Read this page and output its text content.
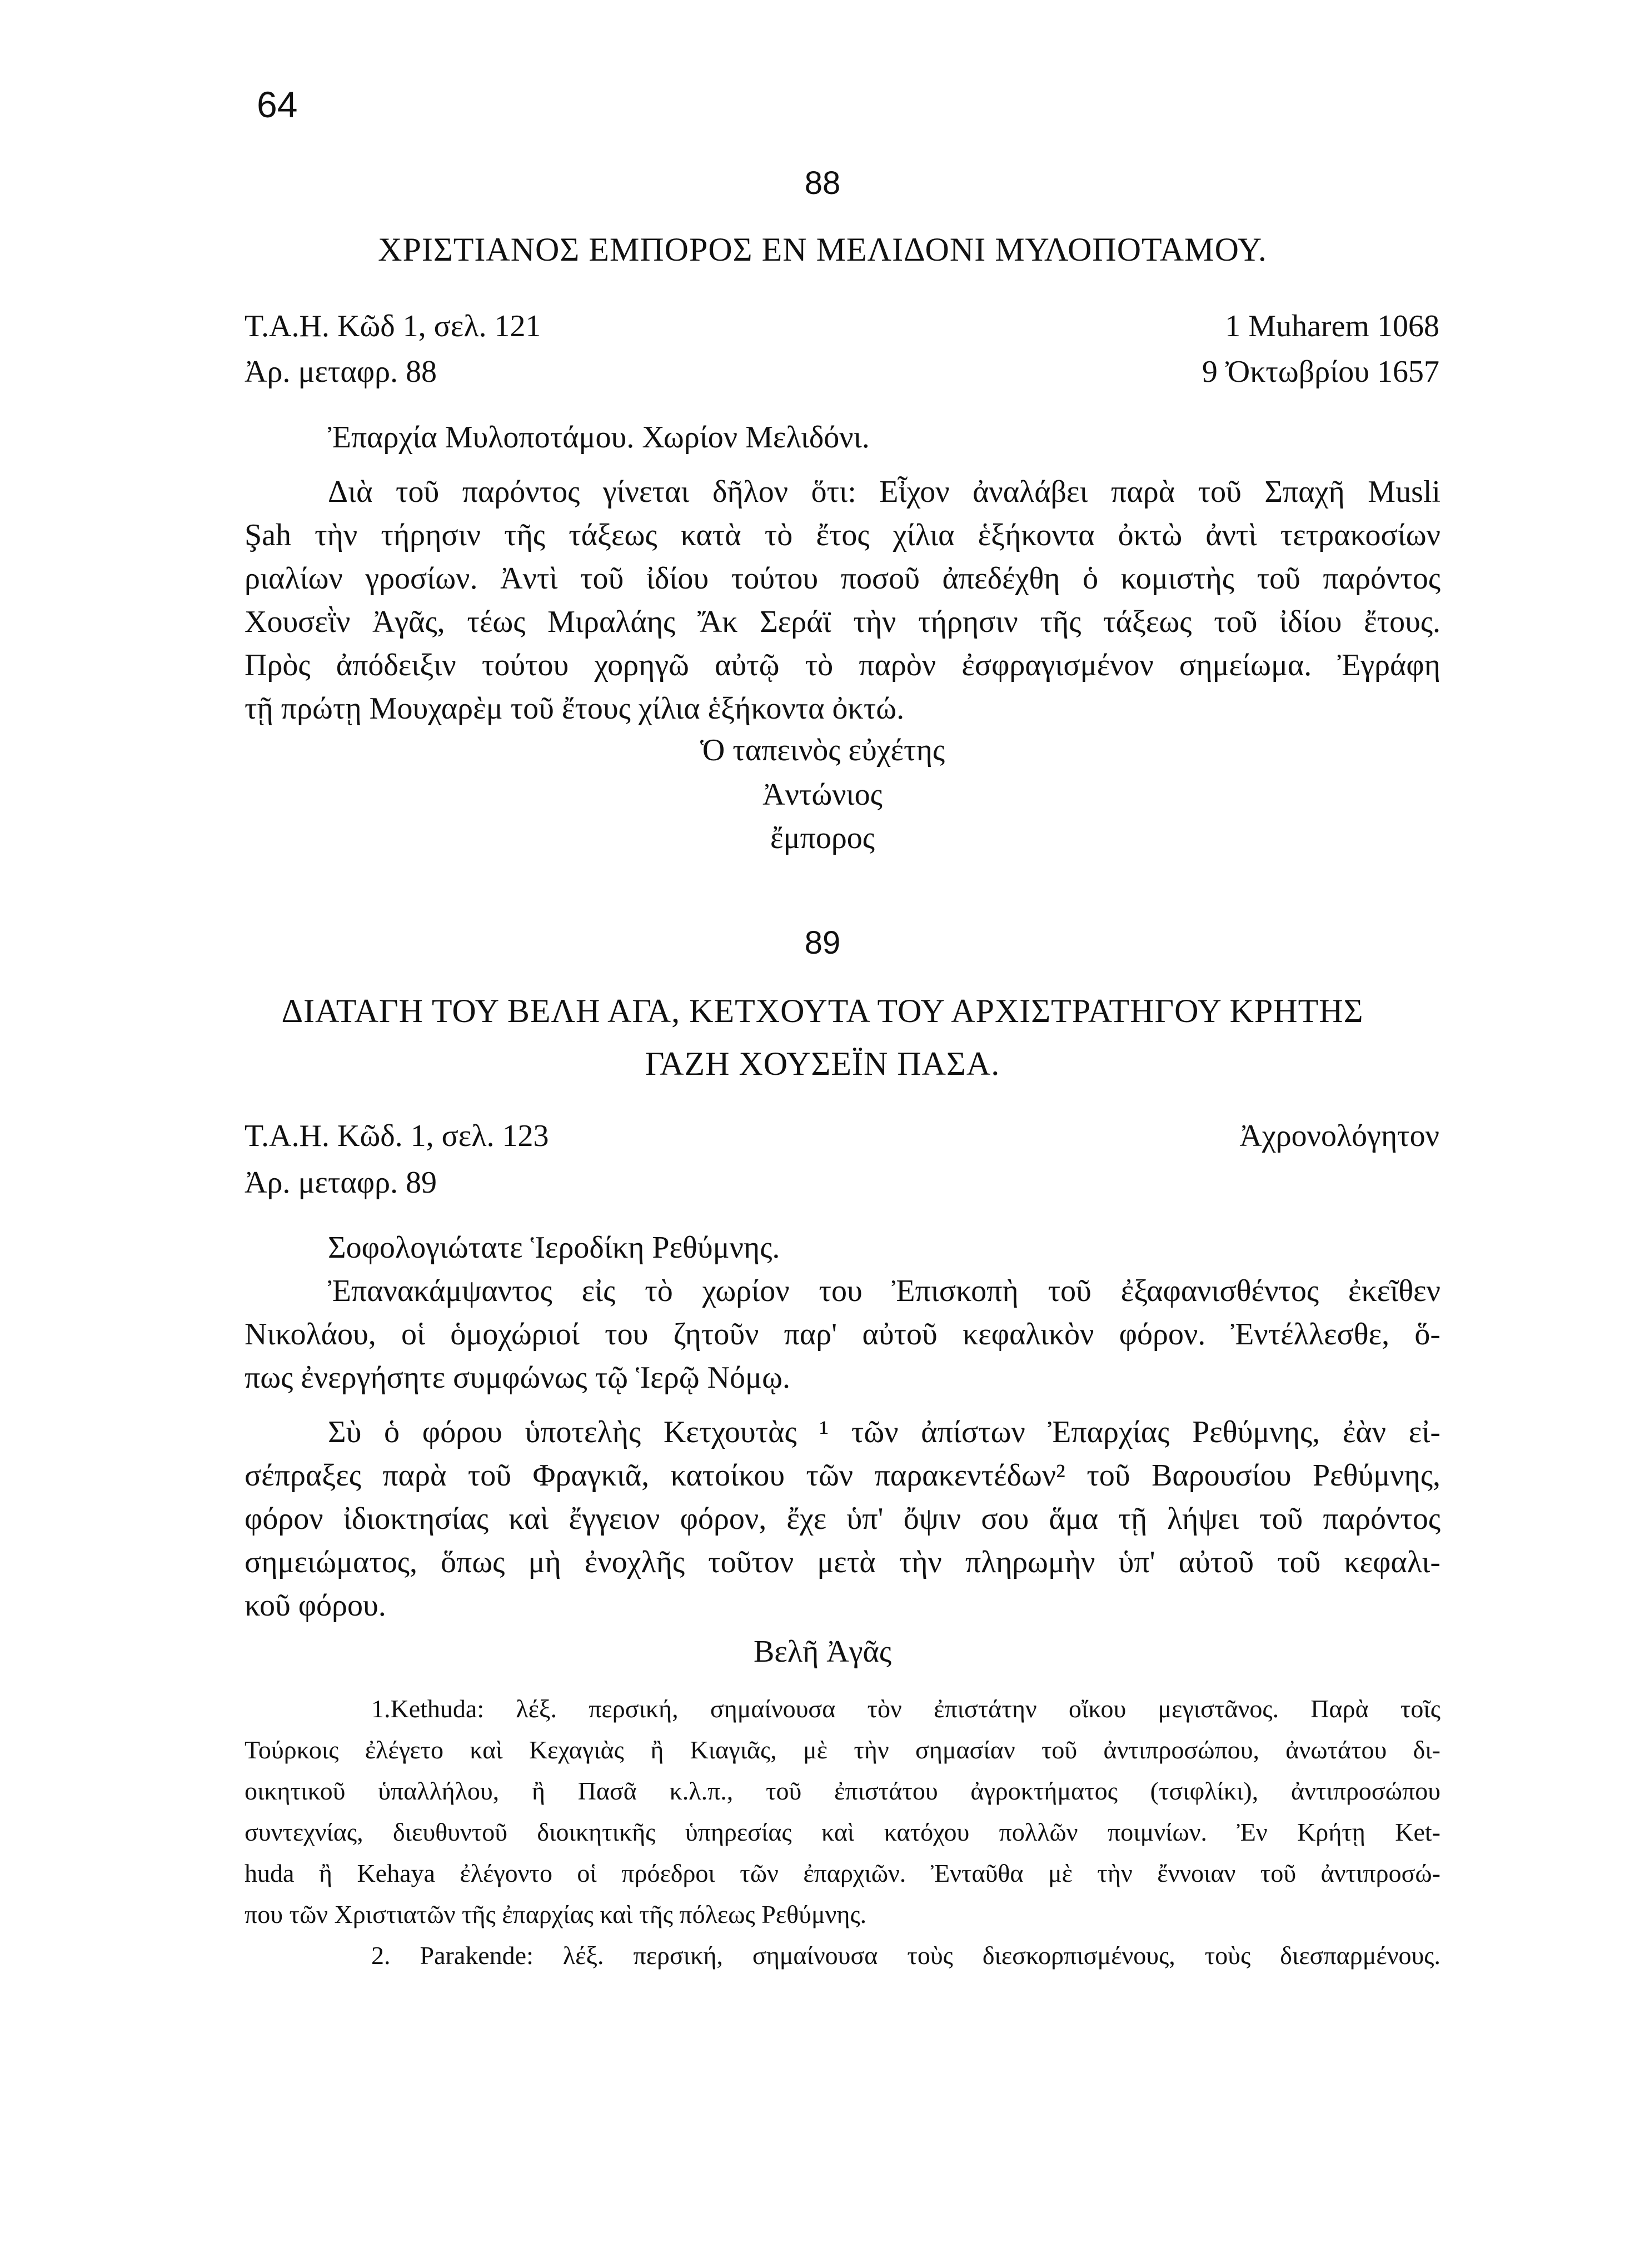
64
88
ΧΡΙΣΤΙΑΝΟΣ ΕΜΠΟΡΟΣ ΕΝ ΜΕΛΙΔΟΝΙ ΜΥΛΟΠΟΤΑΜΟΥ.
Τ.Α.Η. Κῶδ 1, σελ. 121	1 Muharem 1068
Ἀρ. μεταφρ. 88	9 Ὀκτωβρίου 1657
Ἐπαρχία Μυλοποτάμου. Χωρίον Μελιδόνι.
Διὰ τοῦ παρόντος γίνεται δῆλον ὅτι: Εἶχον ἀναλάβει παρὰ τοῦ Σπαχῆ Musli
Şah τὴν τήρησιν τῆς τάξεως κατὰ τὸ ἔτος χίλια ἑξήκοντα ὀκτὼ ἀντὶ τετρακοσίων
ριαλίων γροσίων. Ἀντὶ τοῦ ἰδίου τούτου ποσοῦ ἀπεδέχθη ὁ κομιστὴς τοῦ παρόντος
Χουσεῒν Ἀγᾶς, τέως Μιραλάης Ἄκ Σεράϊ τὴν τήρησιν τῆς τάξεως τοῦ ἰδίου ἔτους.
Πρὸς ἀπόδειξιν τούτου χορηγῶ αὐτῷ τὸ παρὸν ἐσφραγισμένον σημείωμα. Ἐγράφη
τῇ πρώτῃ Μουχαρὲμ τοῦ ἔτους χίλια ἑξήκοντα ὀκτώ.
Ὁ ταπεινὸς εὐχέτης
Ἀντώνιος
ἔμπορος
89
ΔΙΑΤΑΓΗ ΤΟΥ ΒΕΛΗ ΑΓΑ, ΚΕΤΧΟΥΤΑ ΤΟΥ ΑΡΧΙΣΤΡΑΤΗΓΟΥ ΚΡΗΤΗΣ
ΓΑΖΗ ΧΟΥΣΕΪΝ ΠΑΣΑ.
Τ.Α.Η. Κῶδ. 1, σελ. 123	Ἀχρονολόγητον
Ἀρ. μεταφρ. 89
Σοφολογιώτατε Ἱεροδίκη Ρεθύμνης.
Ἐπανακάμψαντος εἰς τὸ χωρίον του Ἐπισκοπὴ τοῦ ἐξαφανισθέντος ἐκεῖθεν
Νικολάου, οἱ ὁμοχώριοί του ζητοῦν παρ' αὐτοῦ κεφαλικὸν φόρον. Ἐντέλλεσθε, ὅ-
πως ἐνεργήσητε συμφώνως τῷ Ἱερῷ Νόμῳ.
Σὺ ὁ φόρου ὑποτελὴς Κετχουτὰς ¹ τῶν ἀπίστων Ἐπαρχίας Ρεθύμνης, ἐὰν εἰ-
σέπραξες παρὰ τοῦ Φραγκιᾶ, κατοίκου τῶν παρακεντέδων² τοῦ Βαρουσίου Ρεθύμνης,
φόρον ἰδιοκτησίας καὶ ἔγγειον φόρον, ἔχε ὑπ' ὄψιν σου ἅμα τῇ λήψει τοῦ παρόντος
σημειώματος, ὅπως μὴ ἐνοχλῆς τοῦτον μετὰ τὴν πληρωμὴν ὑπ' αὐτοῦ τοῦ κεφαλι-
κοῦ φόρου.
Βελῆ Ἀγᾶς
1.Kethuda: λέξ. περσική, σημαίνουσα τὸν ἐπιστάτην οἴκου μεγιστᾶνος. Παρὰ τοῖς
Τούρκοις ἐλέγετο καὶ Κεχαγιὰς ἢ Κιαγιᾶς, μὲ τὴν σημασίαν τοῦ ἀντιπροσώπου, ἀνωτάτου δι-
οικητικοῦ ὑπαλλήλου, ἢ Πασᾶ κ.λ.π., τοῦ ἐπιστάτου ἀγροκτήματος (τσιφλίκι), ἀντιπροσώπου
συντεχνίας, διευθυντοῦ διοικητικῆς ὑπηρεσίας καὶ κατόχου πολλῶν ποιμνίων. Ἐν Κρήτῃ Ket-
huda ἢ Kehaya ἐλέγοντο οἱ πρόεδροι τῶν ἐπαρχιῶν. Ἐνταῦθα μὲ τὴν ἔννοιαν τοῦ ἀντιπροσώ-
που τῶν Χριστιατῶν τῆς ἐπαρχίας καὶ τῆς πόλεως Ρεθύμνης.
2. Parakende: λέξ. περσική, σημαίνουσα τοὺς διεσκορπισμένους, τοὺς διεσπαρμένους.
